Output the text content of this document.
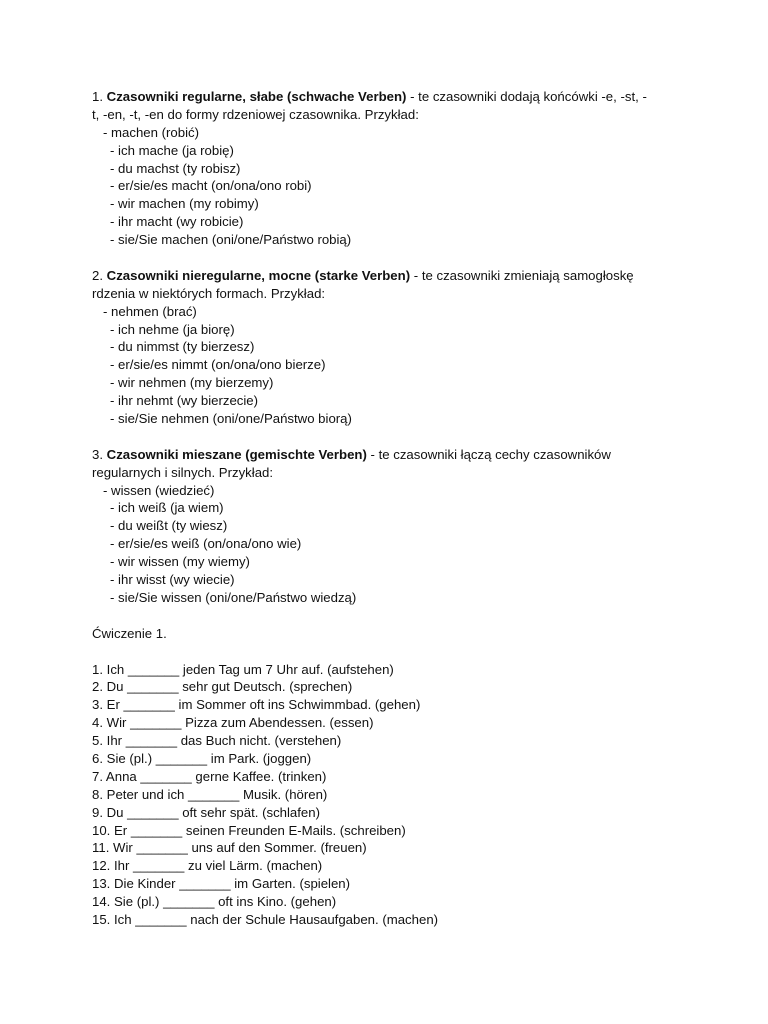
1. Czasowniki regularne, słabe (schwache Verben) - te czasowniki dodają końcówki -e, -st, -
t, -en, -t, -en do formy rdzeniowej czasownika. Przykład:
- machen (robić)
- ich mache (ja robię)
- du machst (ty robisz)
- er/sie/es macht (on/ona/ono robi)
- wir machen (my robimy)
- ihr macht (wy robicie)
- sie/Sie machen (oni/one/Państwo robią)
2. Czasowniki nieregularne, mocne (starke Verben) - te czasowniki zmieniają samogłoskę
rdzenia w niektórych formach. Przykład:
- nehmen (brać)
- ich nehme (ja biorę)
- du nimmst (ty bierzesz)
- er/sie/es nimmt (on/ona/ono bierze)
- wir nehmen (my bierzemy)
- ihr nehmt (wy bierzecie)
- sie/Sie nehmen (oni/one/Państwo biorą)
3. Czasowniki mieszane (gemischte Verben) - te czasowniki łączą cechy czasowników
regularnych i silnych. Przykład:
- wissen (wiedzieć)
- ich weiß (ja wiem)
- du weißt (ty wiesz)
- er/sie/es weiß (on/ona/ono wie)
- wir wissen (my wiemy)
- ihr wisst (wy wiecie)
- sie/Sie wissen (oni/one/Państwo wiedzą)
Ćwiczenie 1.
1. Ich _______ jeden Tag um 7 Uhr auf. (aufstehen)
2. Du _______ sehr gut Deutsch. (sprechen)
3. Er _______ im Sommer oft ins Schwimmbad. (gehen)
4. Wir _______ Pizza zum Abendessen. (essen)
5. Ihr _______ das Buch nicht. (verstehen)
6. Sie (pl.) _______ im Park. (joggen)
7. Anna _______ gerne Kaffee. (trinken)
8. Peter und ich _______ Musik. (hören)
9. Du _______ oft sehr spät. (schlafen)
10. Er _______ seinen Freunden E-Mails. (schreiben)
11. Wir _______ uns auf den Sommer. (freuen)
12. Ihr _______ zu viel Lärm. (machen)
13. Die Kinder _______ im Garten. (spielen)
14. Sie (pl.) _______ oft ins Kino. (gehen)
15. Ich _______ nach der Schule Hausaufgaben. (machen)
